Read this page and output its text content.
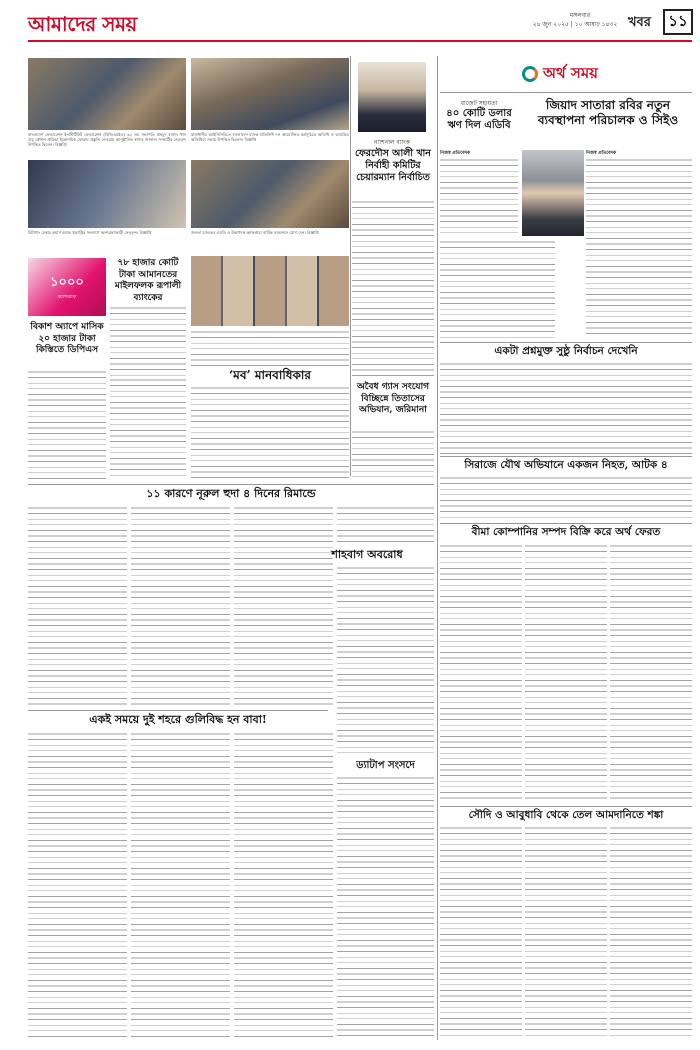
আমাদের সময়	মঙ্গলবার
২৪ জুন ২০২৫ | ১০ আষাঢ় ১৪৩২ খবর	১১
বাংলাদেশ ফেডারেশন ইনস্টিটিউট ফেডারেশন (বিজিএমইএ) ৩২ তম সভাপতি মাহমুদ হাসান খান বাবু কৌশল প্রক্রিয়া ইকোনমিক ফোরাম প্রস্তুতি নেওয়ায় আনুষ্ঠানিক স্বাগত জানান। সংস্থাটির নেতৃবৃন্দ উপস্থিত ছিলেন। বিজ্ঞপ্তি
রাজধানীর আইসিসিবিতে বাংলাদেশ ব্যাংক প্রতিনিধি দল আয়োজিত কর্মসূচিতে অতিথি ও আমন্ত্রিত অতিথিরা সভায় উপস্থিত ছিলেন। বিজ্ঞপ্তি
চিটাগাং চেম্বার কমার্স অ্যান্ড ইন্ডাস্ট্রির সংলাপে অংশগ্রহণকারী নেতৃবৃন্দ। বিজ্ঞপ্তি	জনতা ব্যাংকের এমডি ও উচ্চপদস্থ কর্মকর্তারা বার্ষিক সম্মেলনে যোগ দেন। বিজ্ঞপ্তি
ন্যাশনাল ব্যাংক
ফেরদৌস আলী খান নির্বাহী কমিটির চেয়ারম্যান নির্বাচিত
অর্থ সময়
বাজেট সহায়তা
৪০ কোটি ডলার ঋণ দিল এডিবি
নিজস্ব প্রতিবেদক
জিয়াদ সাতারা রবির নতুন ব্যবস্থাপনা পরিচালক ও সিইও
নিজস্ব প্রতিবেদক
১০০০
ক্যাশব্যাক
৭৮ হাজার কোটি টাকা আমানতের মাইলফলক রূপালী ব্যাংকের
বিকাশ অ্যাপে মাসিক ২০ হাজার টাকা কিস্তিতে ডিপিএস
‘মব’ মানবাধিকার
অবৈধ গ্যাস সংযোগ বিচ্ছিন্নে তিতাসের অভিযান, জরিমানা
একটা প্রশ্নমুক্ত সুষ্ঠু নির্বাচন দেখেনি
সিরাজে যৌথ অভিযানে একজন নিহত, আটক ৪
১১ কারণে নূরুল হুদা ৪ দিনের রিমান্ডে
শাহবাগ অবরোধ
বীমা কোম্পানির সম্পদ বিক্রি করে অর্থ ফেরত
একই সময়ে দুই শহরে গুলিবিদ্ধ হন বাবা!
ড্যাটাপ সংসদে
সৌদি ও আবুধাবি থেকে তেল আমদানিতে শঙ্কা
